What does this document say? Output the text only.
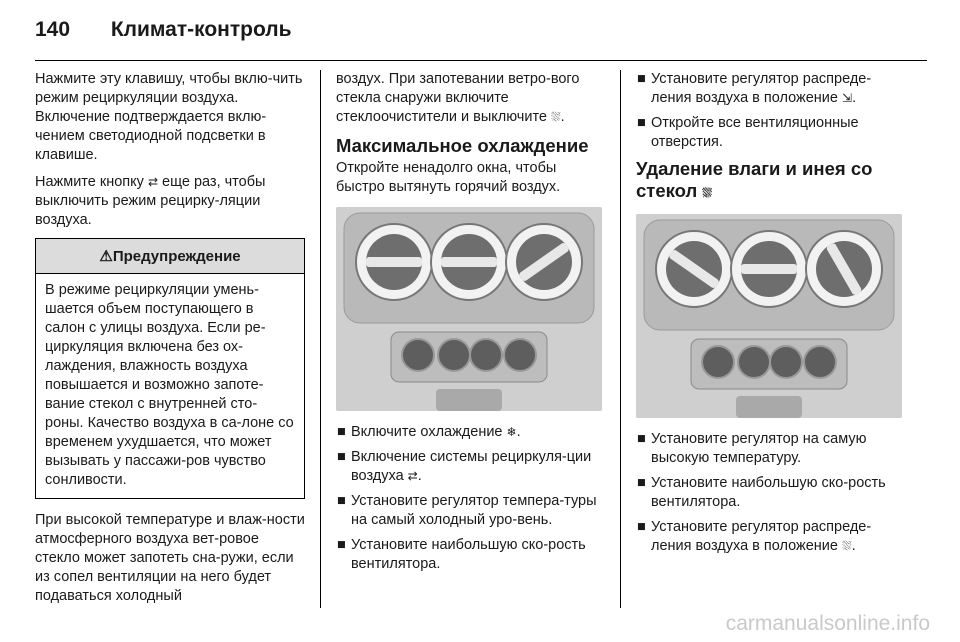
140 Климат-контроль

Нажмите эту клавишу, чтобы вклю-чить режим рециркуляции воздуха. Включение подтверждается вклю-чением светодиодной подсветки в клавише.

Нажмите кнопку ⇄ еще раз, чтобы выключить режим рецирку-ляции воздуха.

⚠Предупреждение
В режиме рециркуляции умень-шается объем поступающего в салон с улицы воздуха. Если ре-циркуляция включена без ох-лаждения, влажность воздуха повышается и возможно запоте-вание стекол с внутренней сто-роны. Качество воздуха в са-лоне со временем ухудшается, что может вызывать у пассажи-ров чувство сонливости.

При высокой температуре и влаж-ности атмосферного воздуха вет-ровое стекло может запотеть сна-ружи, если из сопел вентиляции на него будет подаваться холодный

воздух. При запотевании ветро-вого стекла снаружи включите стеклоочистители и выключите ⛆.

Максимальное охлаждение

Откройте ненадолго окна, чтобы быстро вытянуть горячий воздух.

■ Включите охлаждение ❄.
■ Включение системы рециркуля-ции воздуха ⇄.
■ Установите регулятор темпера-туры на самый холодный уро-вень.
■ Установите наибольшую ско-рость вентилятора.
■ Установите регулятор распреде-ления воздуха в положение ⇲.
■ Откройте все вентиляционные отверстия.
Удаление влаги и инея со стекол ⛆
■ Установите регулятор на самую высокую температуру.
■ Установите наибольшую ско-рость вентилятора.
■ Установите регулятор распреде-ления воздуха в положение ⛆.
carmanualsonline.info
